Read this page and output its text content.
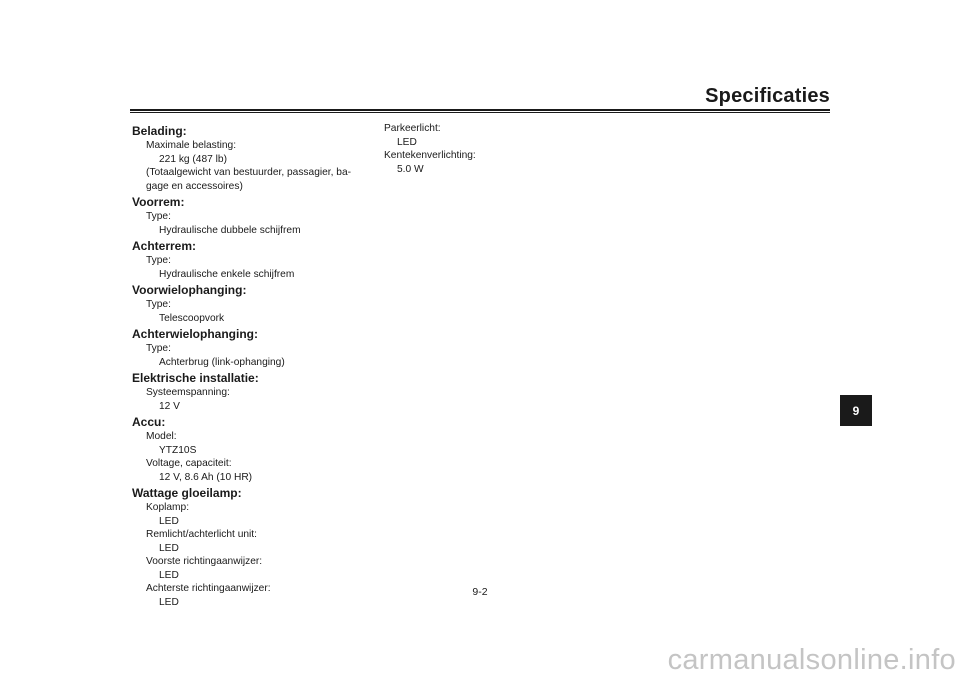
Specificaties
Belading:
Maximale belasting:
221 kg (487 lb)
(Totaalgewicht van bestuurder, passagier, ba-
gage en accessoires)
Voorrem:
Type:
Hydraulische dubbele schijfrem
Achterrem:
Type:
Hydraulische enkele schijfrem
Voorwielophanging:
Type:
Telescoopvork
Achterwielophanging:
Type:
Achterbrug (link-ophanging)
Elektrische installatie:
Systeemspanning:
12 V
Accu:
Model:
YTZ10S
Voltage, capaciteit:
12 V, 8.6 Ah (10 HR)
Wattage gloeilamp:
Koplamp:
LED
Remlicht/achterlicht unit:
LED
Voorste richtingaanwijzer:
LED
Achterste richtingaanwijzer:
LED
Parkeerlicht:
LED
Kentekenverlichting:
5.0 W
9
9-2
carmanualsonline.info
